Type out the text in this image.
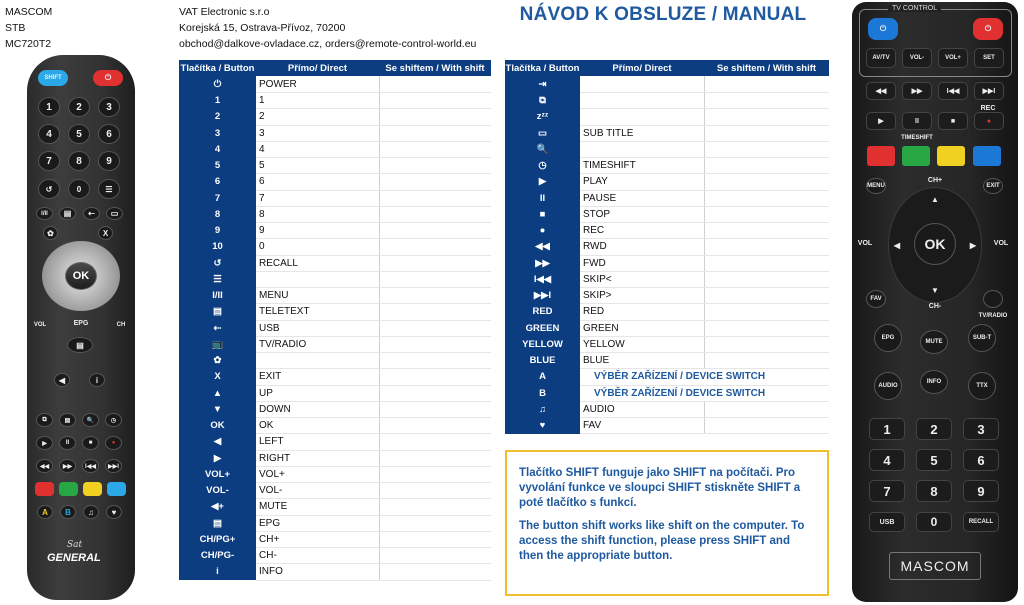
MASCOM
STB
MC720T2
VAT Electronic s.r.o
Korejská 15, Ostrava-Přívoz, 70200
obchod@dalkove-ovladace.cz, orders@remote-control-world.eu
NÁVOD K OBSLUZE / MANUAL
Tlačítka / Button	Přímo/ Direct	Se shiftem / With shift
⏻	POWER	
1	1	
2	2	
3	3	
4	4	
5	5	
6	6	
7	7	
8	8	
9	9	
10	0	
↺	RECALL	
☰		
I/II	MENU	
▤	TELETEXT	
⇠	USB	
📺	TV/RADIO	
✿		
X	EXIT	
▲	UP	
▼	DOWN	
OK	OK	
◀	LEFT	
▶	RIGHT	
VOL+	VOL+	
VOL-	VOL-	
◀+	MUTE	
▤	EPG	
CH/PG+	CH+	
CH/PG-	CH-	
i	INFO	
Tlačítka / Button	Přímo/ Direct	Se shiftem / With shift
⇥		
⧉		
zᶻᶻ		
▭	SUB TITLE	
🔍		
◷	TIMESHIFT	
▶	PLAY	
II	PAUSE	
■	STOP	
●	REC	
◀◀	RWD	
▶▶	FWD	
I◀◀	SKIP<	
▶▶I	SKIP>	
RED	RED	
GREEN	GREEN	
YELLOW	YELLOW	
BLUE	BLUE	
A	VÝBĚR ZAŘÍZENÍ / DEVICE SWITCH	
B	VÝBĚR ZAŘÍZENÍ / DEVICE SWITCH	
♫	AUDIO	
♥	FAV	

Tlačítko SHIFT funguje jako SHIFT na počítači. Pro vyvolání funkce ve sloupci SHIFT stiskněte SHIFT a poté tlačítko s funkcí.

The button shift works like shift on the computer. To access the shift function, please press SHIFT and then the appropriate button.

SHIFT	⏻
1	2	3
4	5	6
7	8	9
↺	0	☰
I/II	▤	⇠	▭
✿	X
OK
VOL	EPG	CH
▤
◀	i
⧉	▤	🔍	◷
▶	II	■	●
◀◀	▶▶	I◀◀	▶▶I
A	B	♫	♥
Sat
GENERAL
TV CONTROL
⏻	⏻
AV/TV	VOL-	VOL+	SET
◀◀	▶▶	I◀◀	▶▶I
▶	II	■	●
REC
TIMESHIFT
MENU	EXIT
CH+
▲
▼
◀	▶
OK
VOL	VOL
CH-
FAV
TV/RADIO
EPG
MUTE
SUB-T
AUDIO
INFO
TTX
1	2	3
4	5	6
7	8	9
USB	0	RECALL
MASCOM
